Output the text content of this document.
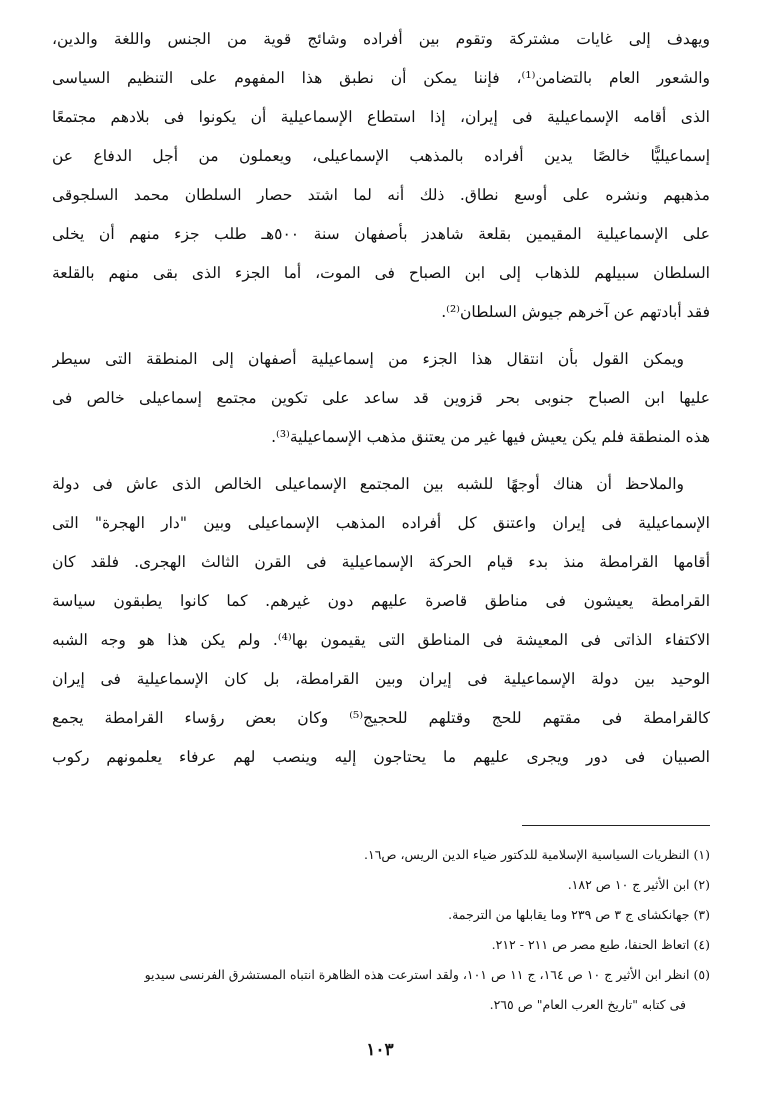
ويهدف إلى غايات مشتركة وتقوم بين أفراده وشائج قوية من الجنس واللغة والدين،
والشعور العام بالتضامن⁽¹⁾، فإننا يمكن أن نطبق هذا المفهوم على التنظيم السياسى
الذى أقامه الإسماعيلية فى إيران، إذا استطاع الإسماعيلية أن يكونوا فى بلادهم مجتمعًا
إسماعيليًّا خالصًا يدين أفراده بالمذهب الإسماعيلى، ويعملون من أجل الدفاع عن
مذهبهم ونشره على أوسع نطاق. ذلك أنه لما اشتد حصار السلطان محمد السلجوقى
على الإسماعيلية المقيمين بقلعة شاهدز بأصفهان سنة ٥٠٠هـ طلب جزء منهم أن يخلى
السلطان سبيلهم للذهاب إلى ابن الصباح فى الموت، أما الجزء الذى بقى منهم بالقلعة
فقد أبادتهم عن آخرهم جيوش السلطان⁽²⁾.
ويمكن القول بأن انتقال هذا الجزء من إسماعيلية أصفهان إلى المنطقة التى سيطر
عليها ابن الصباح جنوبى بحر قزوين قد ساعد على تكوين مجتمع إسماعيلى خالص فى
هذه المنطقة فلم يكن يعيش فيها غير من يعتنق مذهب الإسماعيلية⁽³⁾.
والملاحظ أن هناك أوجهًا للشبه بين المجتمع الإسماعيلى الخالص الذى عاش فى دولة
الإسماعيلية فى إيران واعتنق كل أفراده المذهب الإسماعيلى وبين "دار الهجرة" التى
أقامها القرامطة منذ بدء قيام الحركة الإسماعيلية فى القرن الثالث الهجرى. فلقد كان
القرامطة يعيشون فى مناطق قاصرة عليهم دون غيرهم. كما كانوا يطبقون سياسة
الاكتفاء الذاتى فى المعيشة فى المناطق التى يقيمون بها⁽⁴⁾. ولم يكن هذا هو وجه الشبه
الوحيد بين دولة الإسماعيلية فى إيران وبين القرامطة، بل كان الإسماعيلية فى إيران
كالقرامطة فى مقتهم للحج وقتلهم للحجيج⁽⁵⁾ وكان بعض رؤساء القرامطة يجمع
الصبيان فى دور ويجرى عليهم ما يحتاجون إليه وينصب لهم عرفاء يعلمونهم ركوب
(١) النظريات السياسية الإسلامية للدكتور ضياء الدين الريس، ص١٦.
(٢) ابن الأثير ج ١٠ ص ١٨٢.
(٣) جهانكشاى ج ٣ ص ٢٣٩ وما يقابلها من الترجمة.
(٤) اتعاظ الحنفا، طبع مصر ص ٢١١ - ٢١٢.
(٥) انظر ابن الأثير ج ١٠ ص ١٦٤، ج ١١ ص ١٠١، ولقد استرعت هذه الظاهرة انتباه المستشرق الفرنسى سيديو
فى كتابه "تاريخ العرب العام" ص ٢٦٥.
١٠٣
